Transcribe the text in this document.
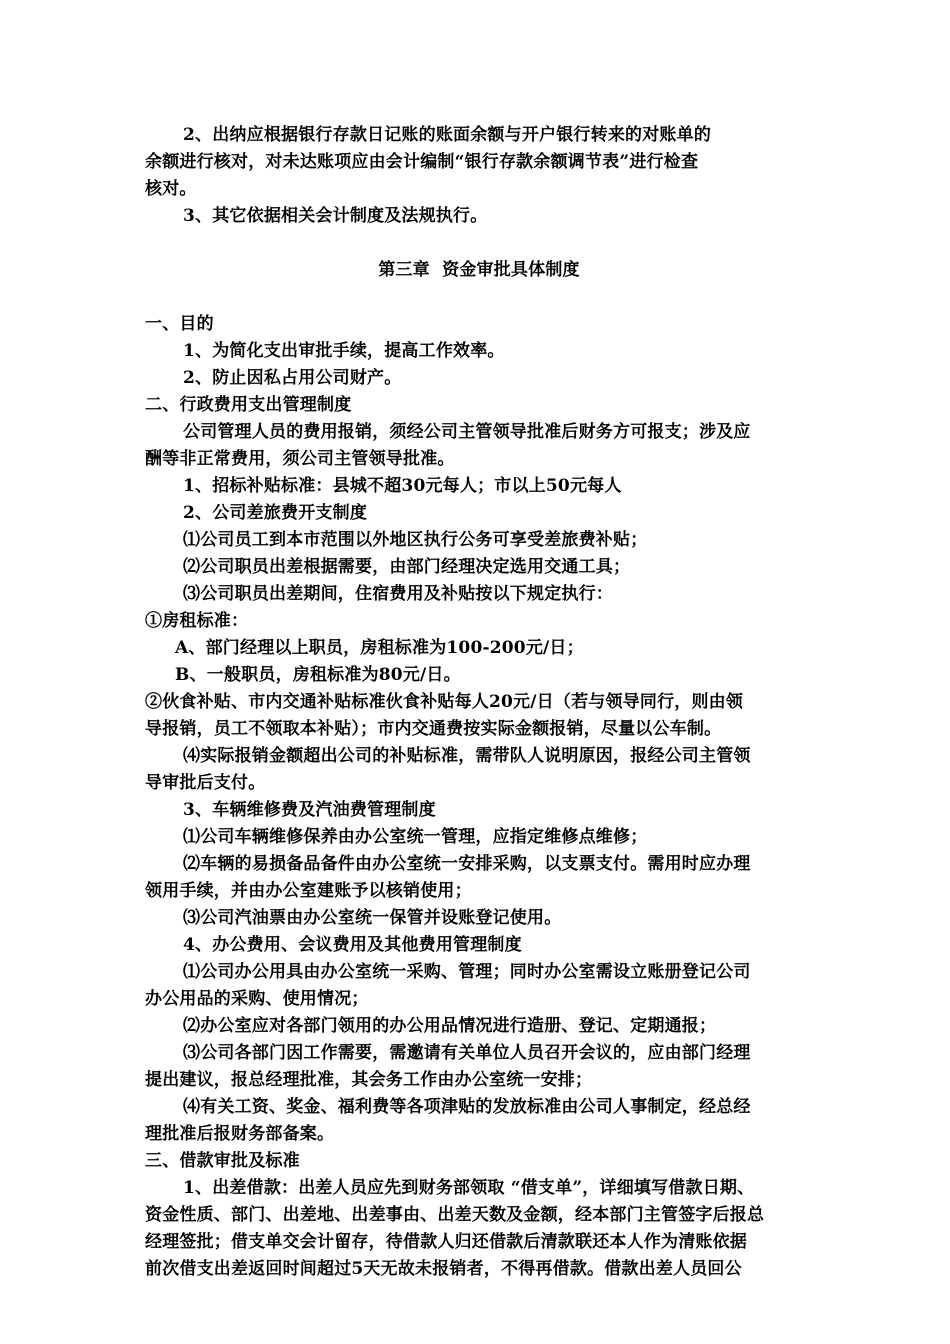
2、出纳应根据银行存款日记账的账面余额与开户银行转来的对账单的
余额进行核对，对未达账项应由会计编制“银行存款余额调节表”进行检查
核对。
3、其它依据相关会计制度及法规执行。
第三章  资金审批具体制度
一、目的
1、为简化支出审批手续，提高工作效率。
2、防止因私占用公司财产。
二、行政费用支出管理制度
公司管理人员的费用报销，须经公司主管领导批准后财务方可报支；涉及应
酬等非正常费用，须公司主管领导批准。
1、招标补贴标准：县城不超30元每人；市以上50元每人
2、公司差旅费开支制度
⑴公司员工到本市范围以外地区执行公务可享受差旅费补贴；
⑵公司职员出差根据需要，由部门经理决定选用交通工具；
⑶公司职员出差期间，住宿费用及补贴按以下规定执行：
①房租标准：
A、部门经理以上职员，房租标准为100-200元/日；
B、一般职员，房租标准为80元/日。
②伙食补贴、市内交通补贴标准伙食补贴每人20元/日（若与领导同行，则由领
导报销，员工不领取本补贴）；市内交通费按实际金额报销，尽量以公车制。
⑷实际报销金额超出公司的补贴标准，需带队人说明原因，报经公司主管领
导审批后支付。
3、车辆维修费及汽油费管理制度
⑴公司车辆维修保养由办公室统一管理，应指定维修点维修；
⑵车辆的易损备品备件由办公室统一安排采购，以支票支付。需用时应办理
领用手续，并由办公室建账予以核销使用；
⑶公司汽油票由办公室统一保管并设账登记使用。
4、办公费用、会议费用及其他费用管理制度
⑴公司办公用具由办公室统一采购、管理；同时办公室需设立账册登记公司
办公用品的采购、使用情况；
⑵办公室应对各部门领用的办公用品情况进行造册、登记、定期通报；
⑶公司各部门因工作需要，需邀请有关单位人员召开会议的，应由部门经理
提出建议，报总经理批准，其会务工作由办公室统一安排；
⑷有关工资、奖金、福利费等各项津贴的发放标准由公司人事制定，经总经
理批准后报财务部备案。
三、借款审批及标准
1、出差借款：出差人员应先到财务部领取 “借支单”，详细填写借款日期、
资金性质、部门、出差地、出差事由、出差天数及金额，经本部门主管签字后报总
经理签批；借支单交会计留存，待借款人归还借款后清款联还本人作为清账依据
前次借支出差返回时间超过5天无故未报销者，不得再借款。借款出差人员回公
